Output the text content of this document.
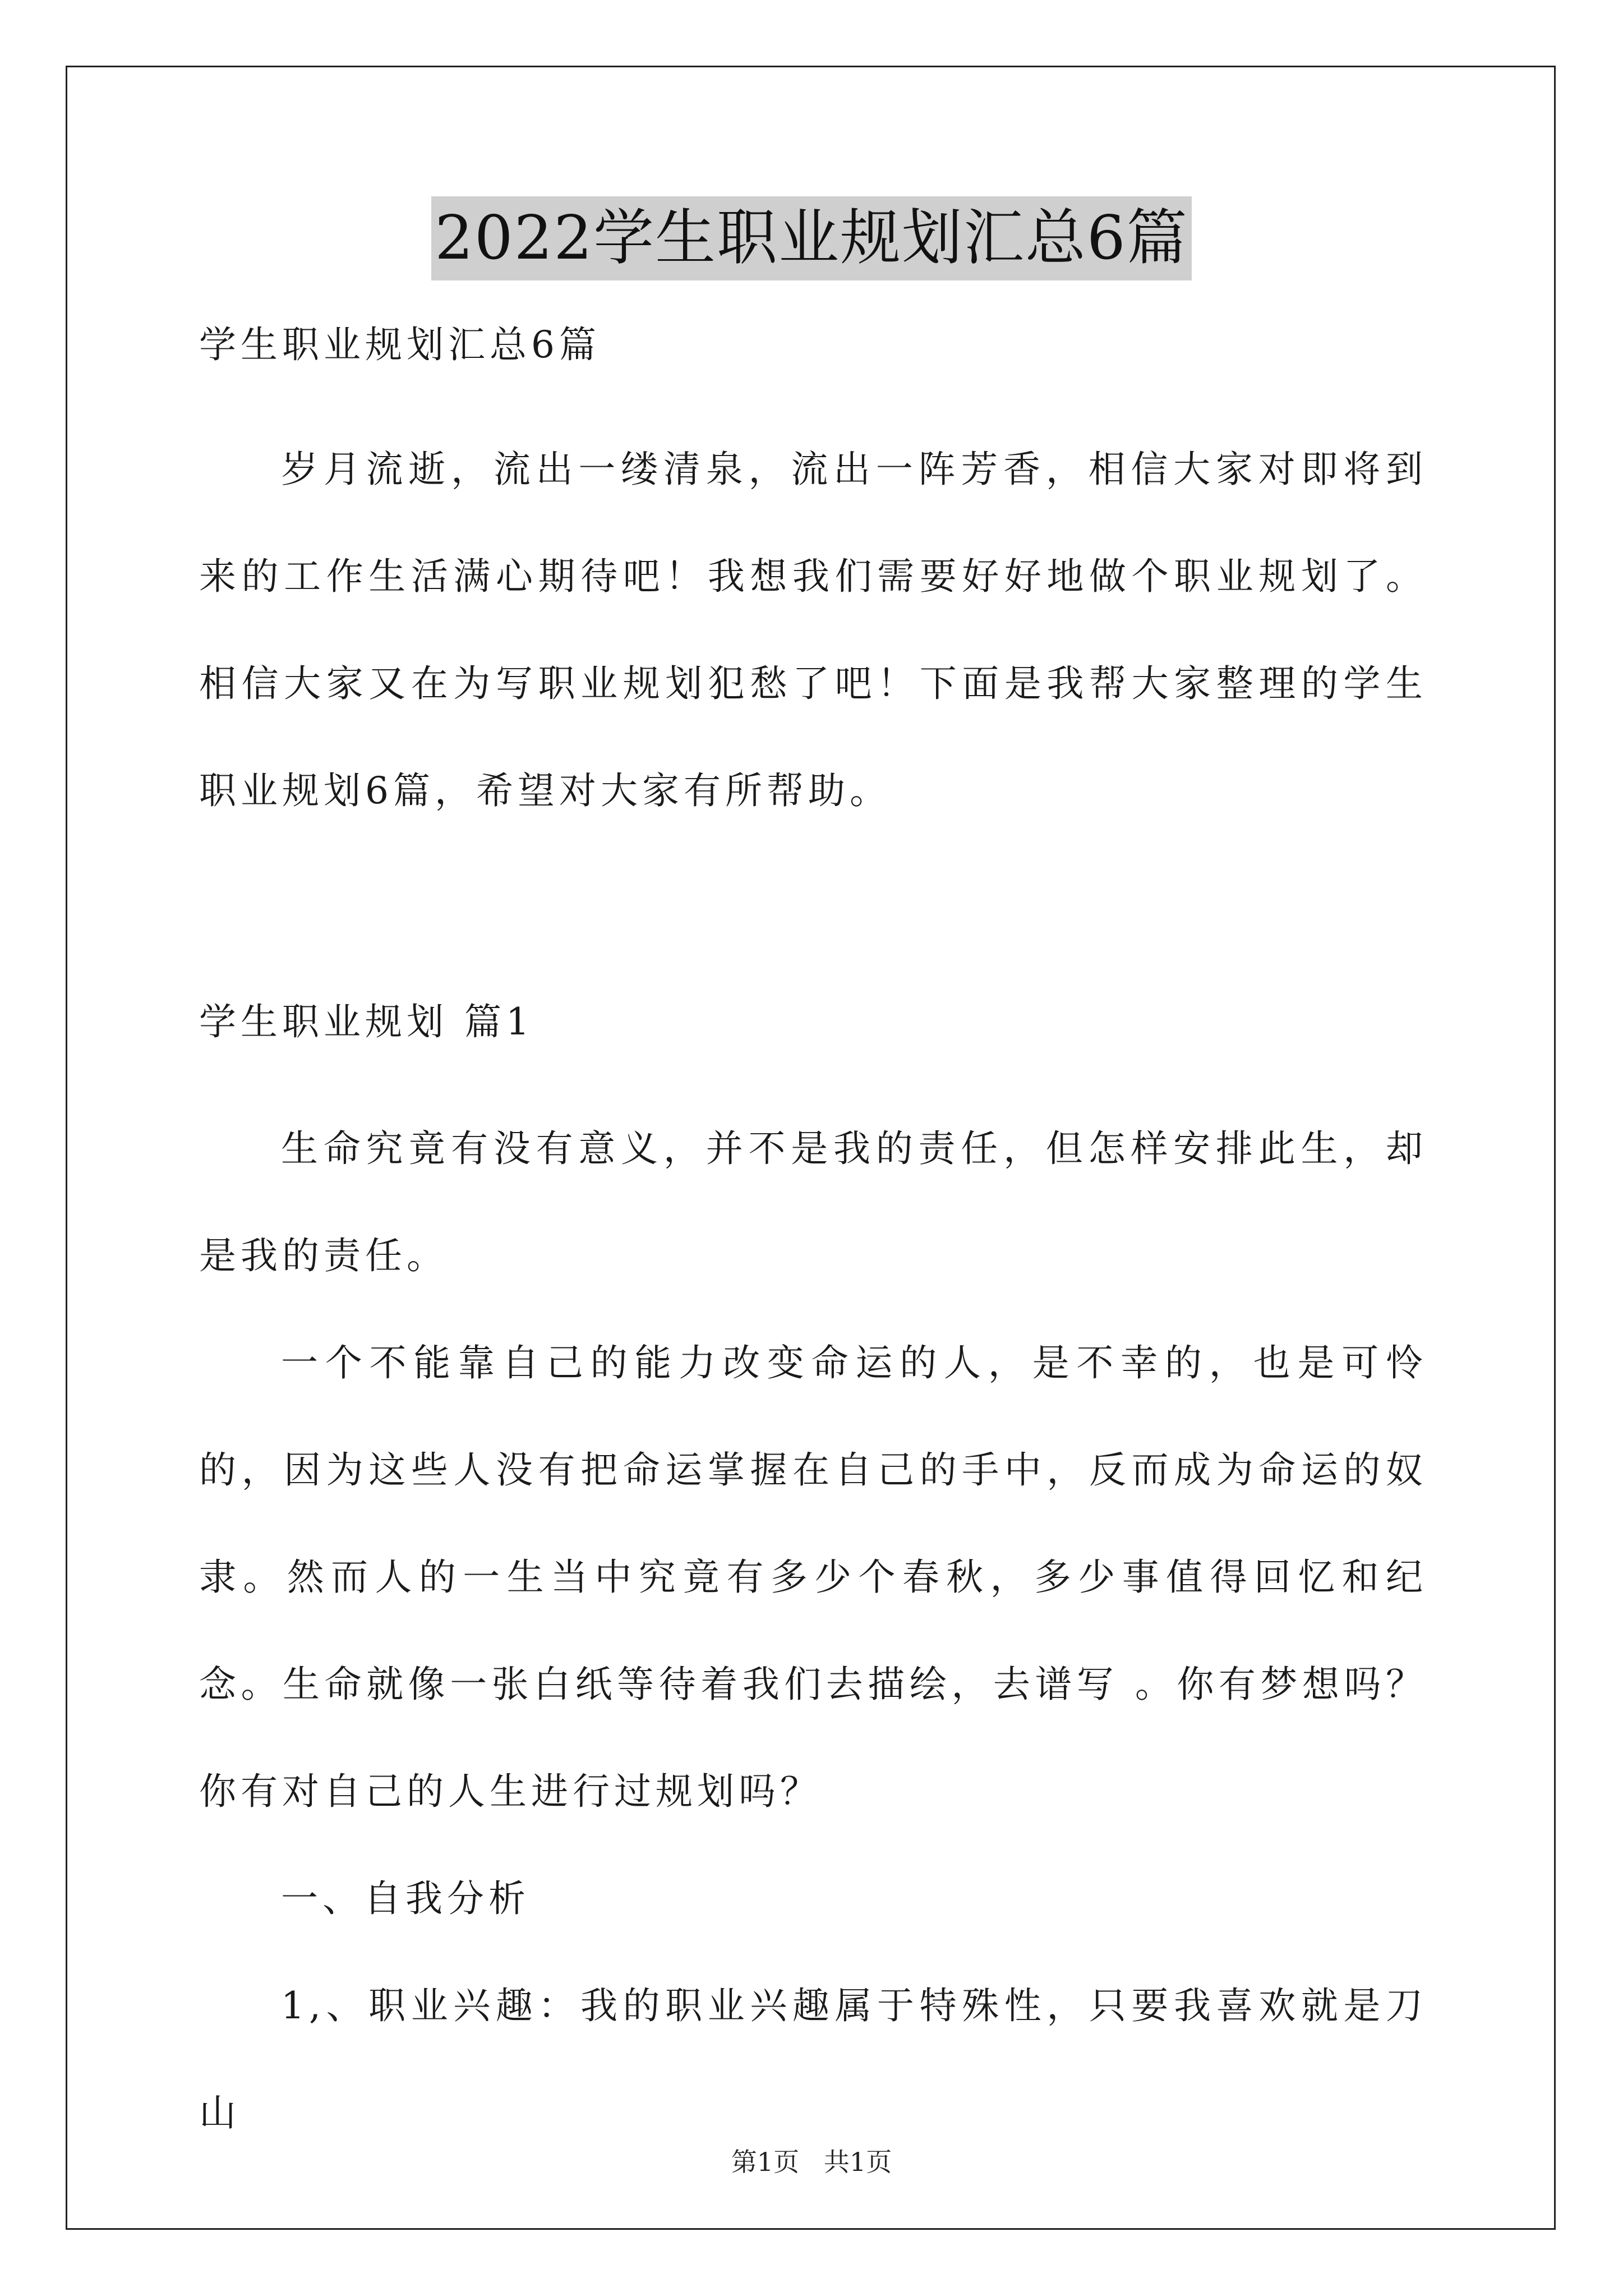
2022学生职业规划汇总6篇

学生职业规划汇总6篇

岁月流逝，流出一缕清泉，流出一阵芳香，相信大家对即将到来的工作生活满心期待吧！我想我们需要好好地做个职业规划了。相信大家又在为写职业规划犯愁了吧！下面是我帮大家整理的学生职业规划6篇，希望对大家有所帮助。

学生职业规划 篇1

生命究竟有没有意义，并不是我的责任，但怎样安排此生，却是我的责任。

一个不能靠自己的能力改变命运的人，是不幸的，也是可怜的，因为这些人没有把命运掌握在自己的手中，反而成为命运的奴隶。然而人的一生当中究竟有多少个春秋，多少事值得回忆和纪念。生命就像一张白纸等待着我们去描绘，去谱写 。你有梦想吗？你有对自己的人生进行过规划吗？

一、自我分析

1,、职业兴趣：我的职业兴趣属于特殊性，只要我喜欢就是刀山

第1页   共1页
